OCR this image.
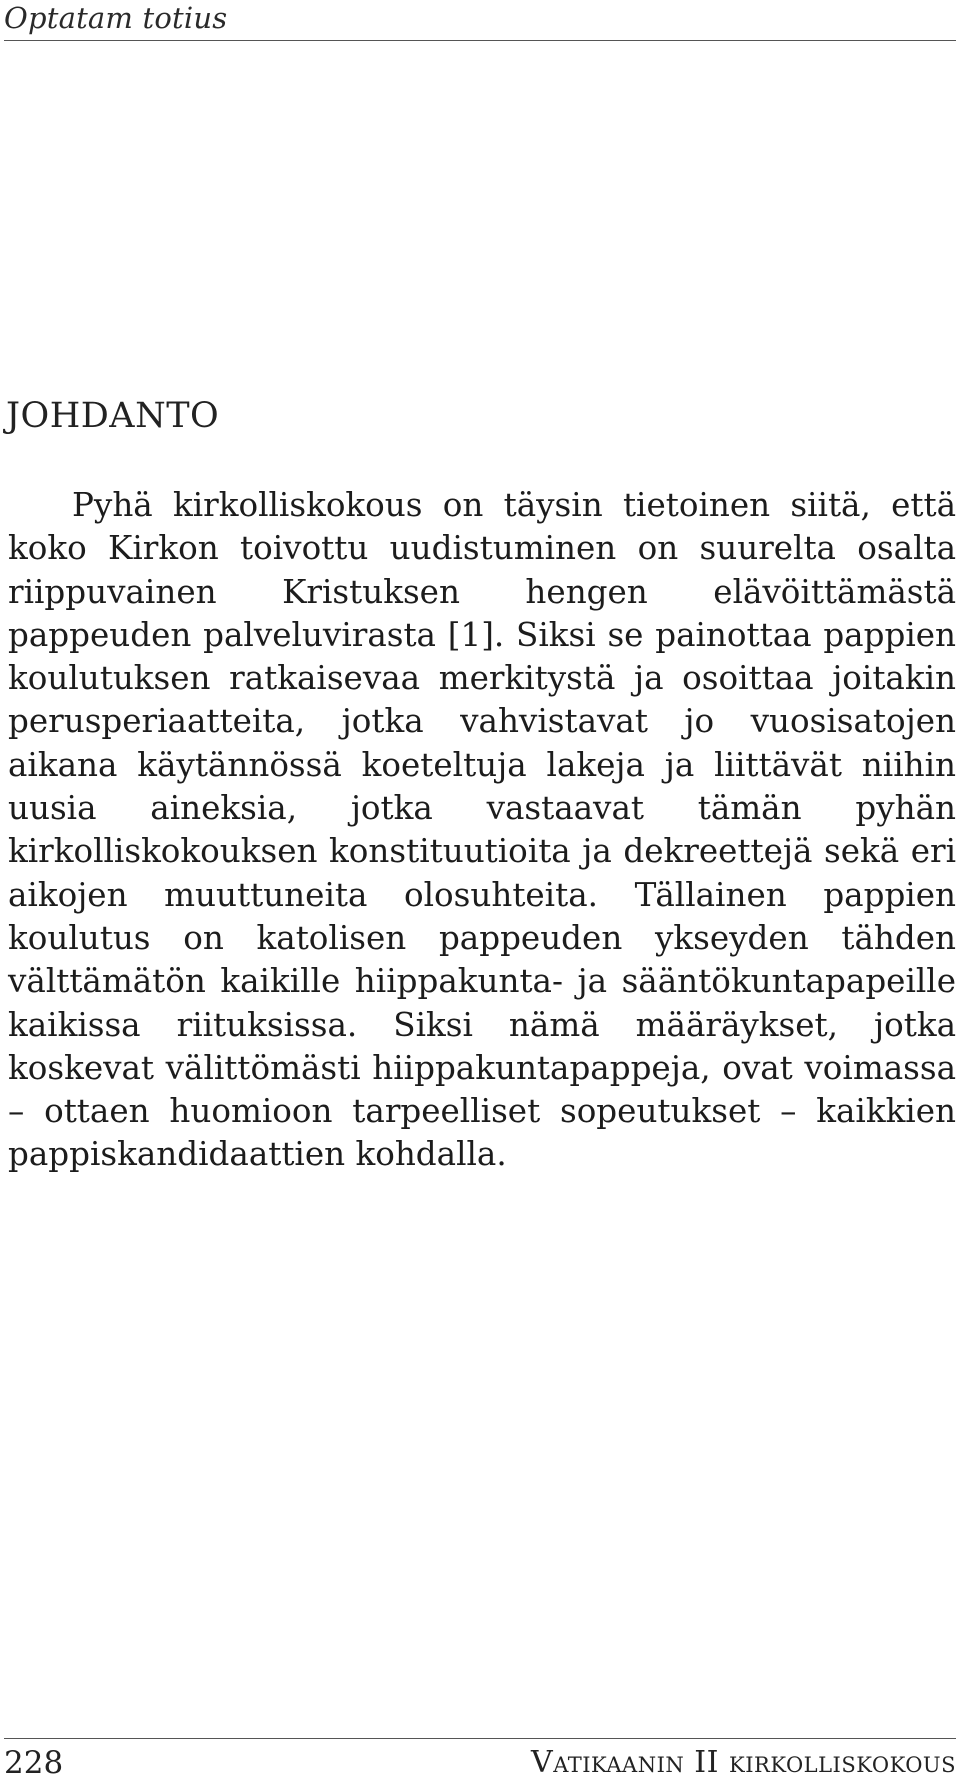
Optatam totius
JOHDANTO

Pyhä kirkolliskokous on täysin tietoinen siitä, että koko Kirkon toivottu uudistuminen on suurelta osalta riippuvainen Kristuksen hengen elävöittämästä pappeuden palveluvirasta [1]. Siksi se painottaa pappien koulutuksen ratkaisevaa merkitystä ja osoittaa joitakin perusperiaatteita, jotka vahvistavat jo vuosisatojen aikana käytännössä koeteltuja lakeja ja liittävät niihin uusia aineksia, jotka vastaavat tämän pyhän kirkolliskokouksen konstituutioita ja dekreettejä sekä eri aikojen muuttuneita olosuhteita. Tällainen pappien koulutus on katolisen pappeuden ykseyden tähden välttämätön kaikille hiippakunta- ja sääntökuntapapeille kaikissa riituksissa. Siksi nämä määräykset, jotka koskevat välittömästi hiippakuntapappeja, ovat voimassa – ottaen huomioon tarpeelliset sopeutukset – kaikkien pappiskandidaattien kohdalla.

228	Vatikaanin II kirkolliskokous
